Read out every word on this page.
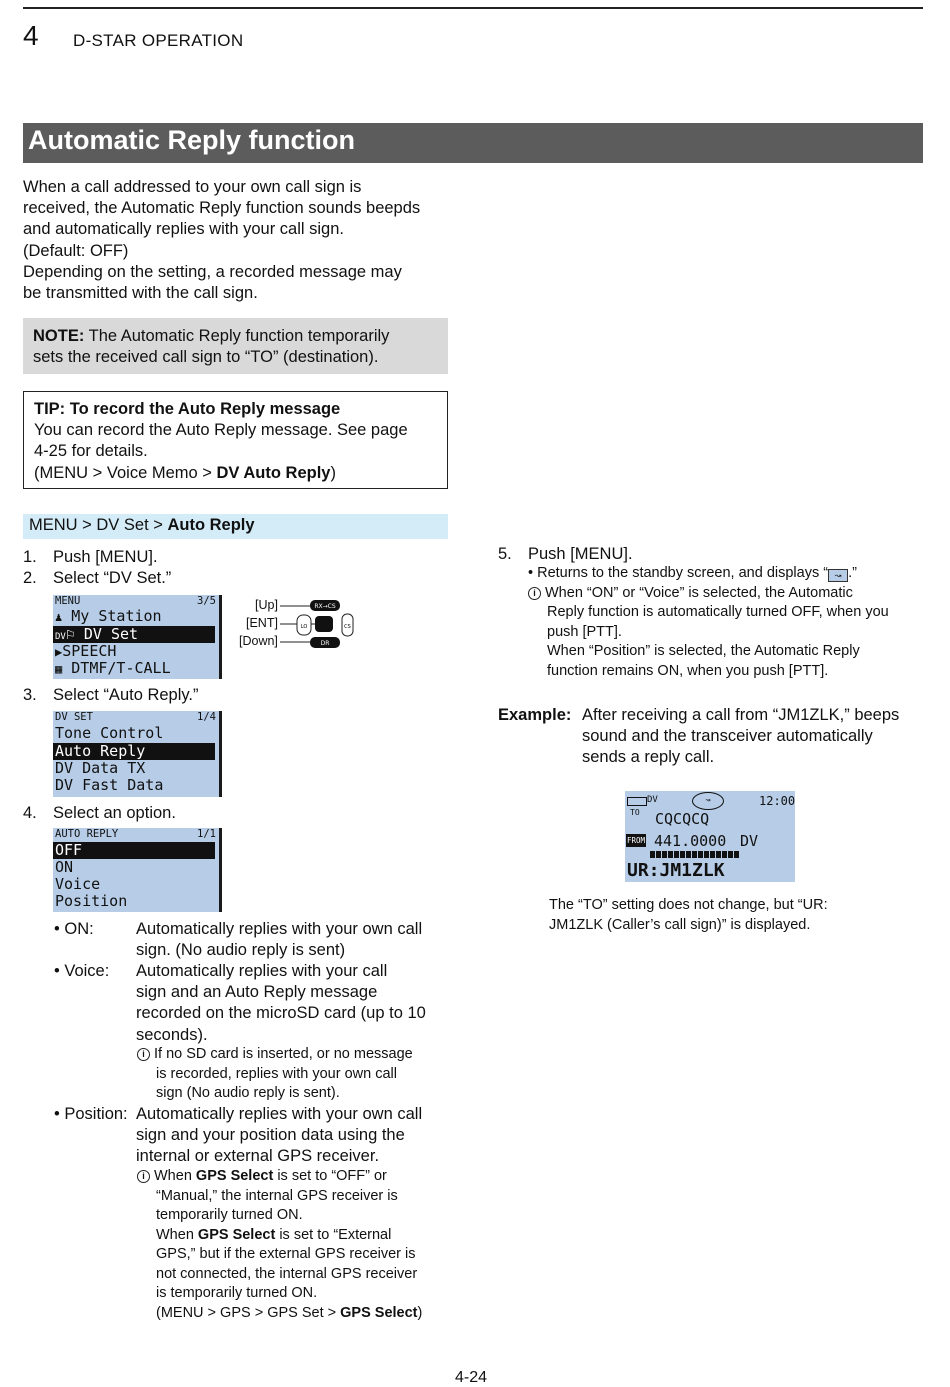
4 D-STAR OPERATION
Automatic Reply function
When a call addressed to your own call sign is
received, the Automatic Reply function sounds beepds
and automatically replies with your call sign.
(Default: OFF)
Depending on the setting, a recorded message may
be transmitted with the call sign.
NOTE: The Automatic Reply function temporarily
sets the received call sign to “TO” (destination).
TIP: To record the Auto Reply message
You can record the Auto Reply message. See page
4-25 for details.
(MENU > Voice Memo > DV Auto Reply)
MENU > DV Set > Auto Reply
1. Push [MENU].
2. Select “DV Set.”
MENU	3/5
♟ My Station
DV⚐ DV Set
▶SPEECH
▦ DTMF/T-CALL
[Up]
[ENT]
[Down]
RX→CS
DR
LO	CS
3. Select “Auto Reply.”
DV SET	1/4
Tone Control
Auto Reply
DV Data TX
DV Fast Data
4. Select an option.
AUTO REPLY	1/1
OFF
ON
Voice
Position
• ON:	Automatically replies with your own call
sign. (No audio reply is sent)
• Voice: Automatically replies with your call
sign and an Auto Reply message
recorded on the microSD card (up to 10
seconds).
i If no SD card is inserted, or no message
is recorded, replies with your own call
sign (No audio reply is sent).
• Position: Automatically replies with your own call
sign and your position data using the
internal or external GPS receiver.
i When GPS Select is set to “OFF” or
“Manual,” the internal GPS receiver is
temporarily turned ON.
When GPS Select is set to “External
GPS,” but if the external GPS receiver is
not connected, the internal GPS receiver
is temporarily turned ON.
(MENU > GPS > GPS Set > GPS Select)
5. Push [MENU].
• Returns to the standby screen, and displays “ ↝ .”
i When “ON” or “Voice” is selected, the Automatic
Reply function is automatically turned OFF, when you
push [PTT].
When “Position” is selected, the Automatic Reply
function remains ON, when you push [PTT].
Example: After receiving a call from “JM1ZLK,” beeps
sound and the transceiver automatically
sends a reply call.
DV	↝	12:00
TO CQCQCQ
FROM 441.0000 DV
UR:JM1ZLK
The “TO” setting does not change, but “UR:
JM1ZLK (Caller’s call sign)” is displayed.
4-24
